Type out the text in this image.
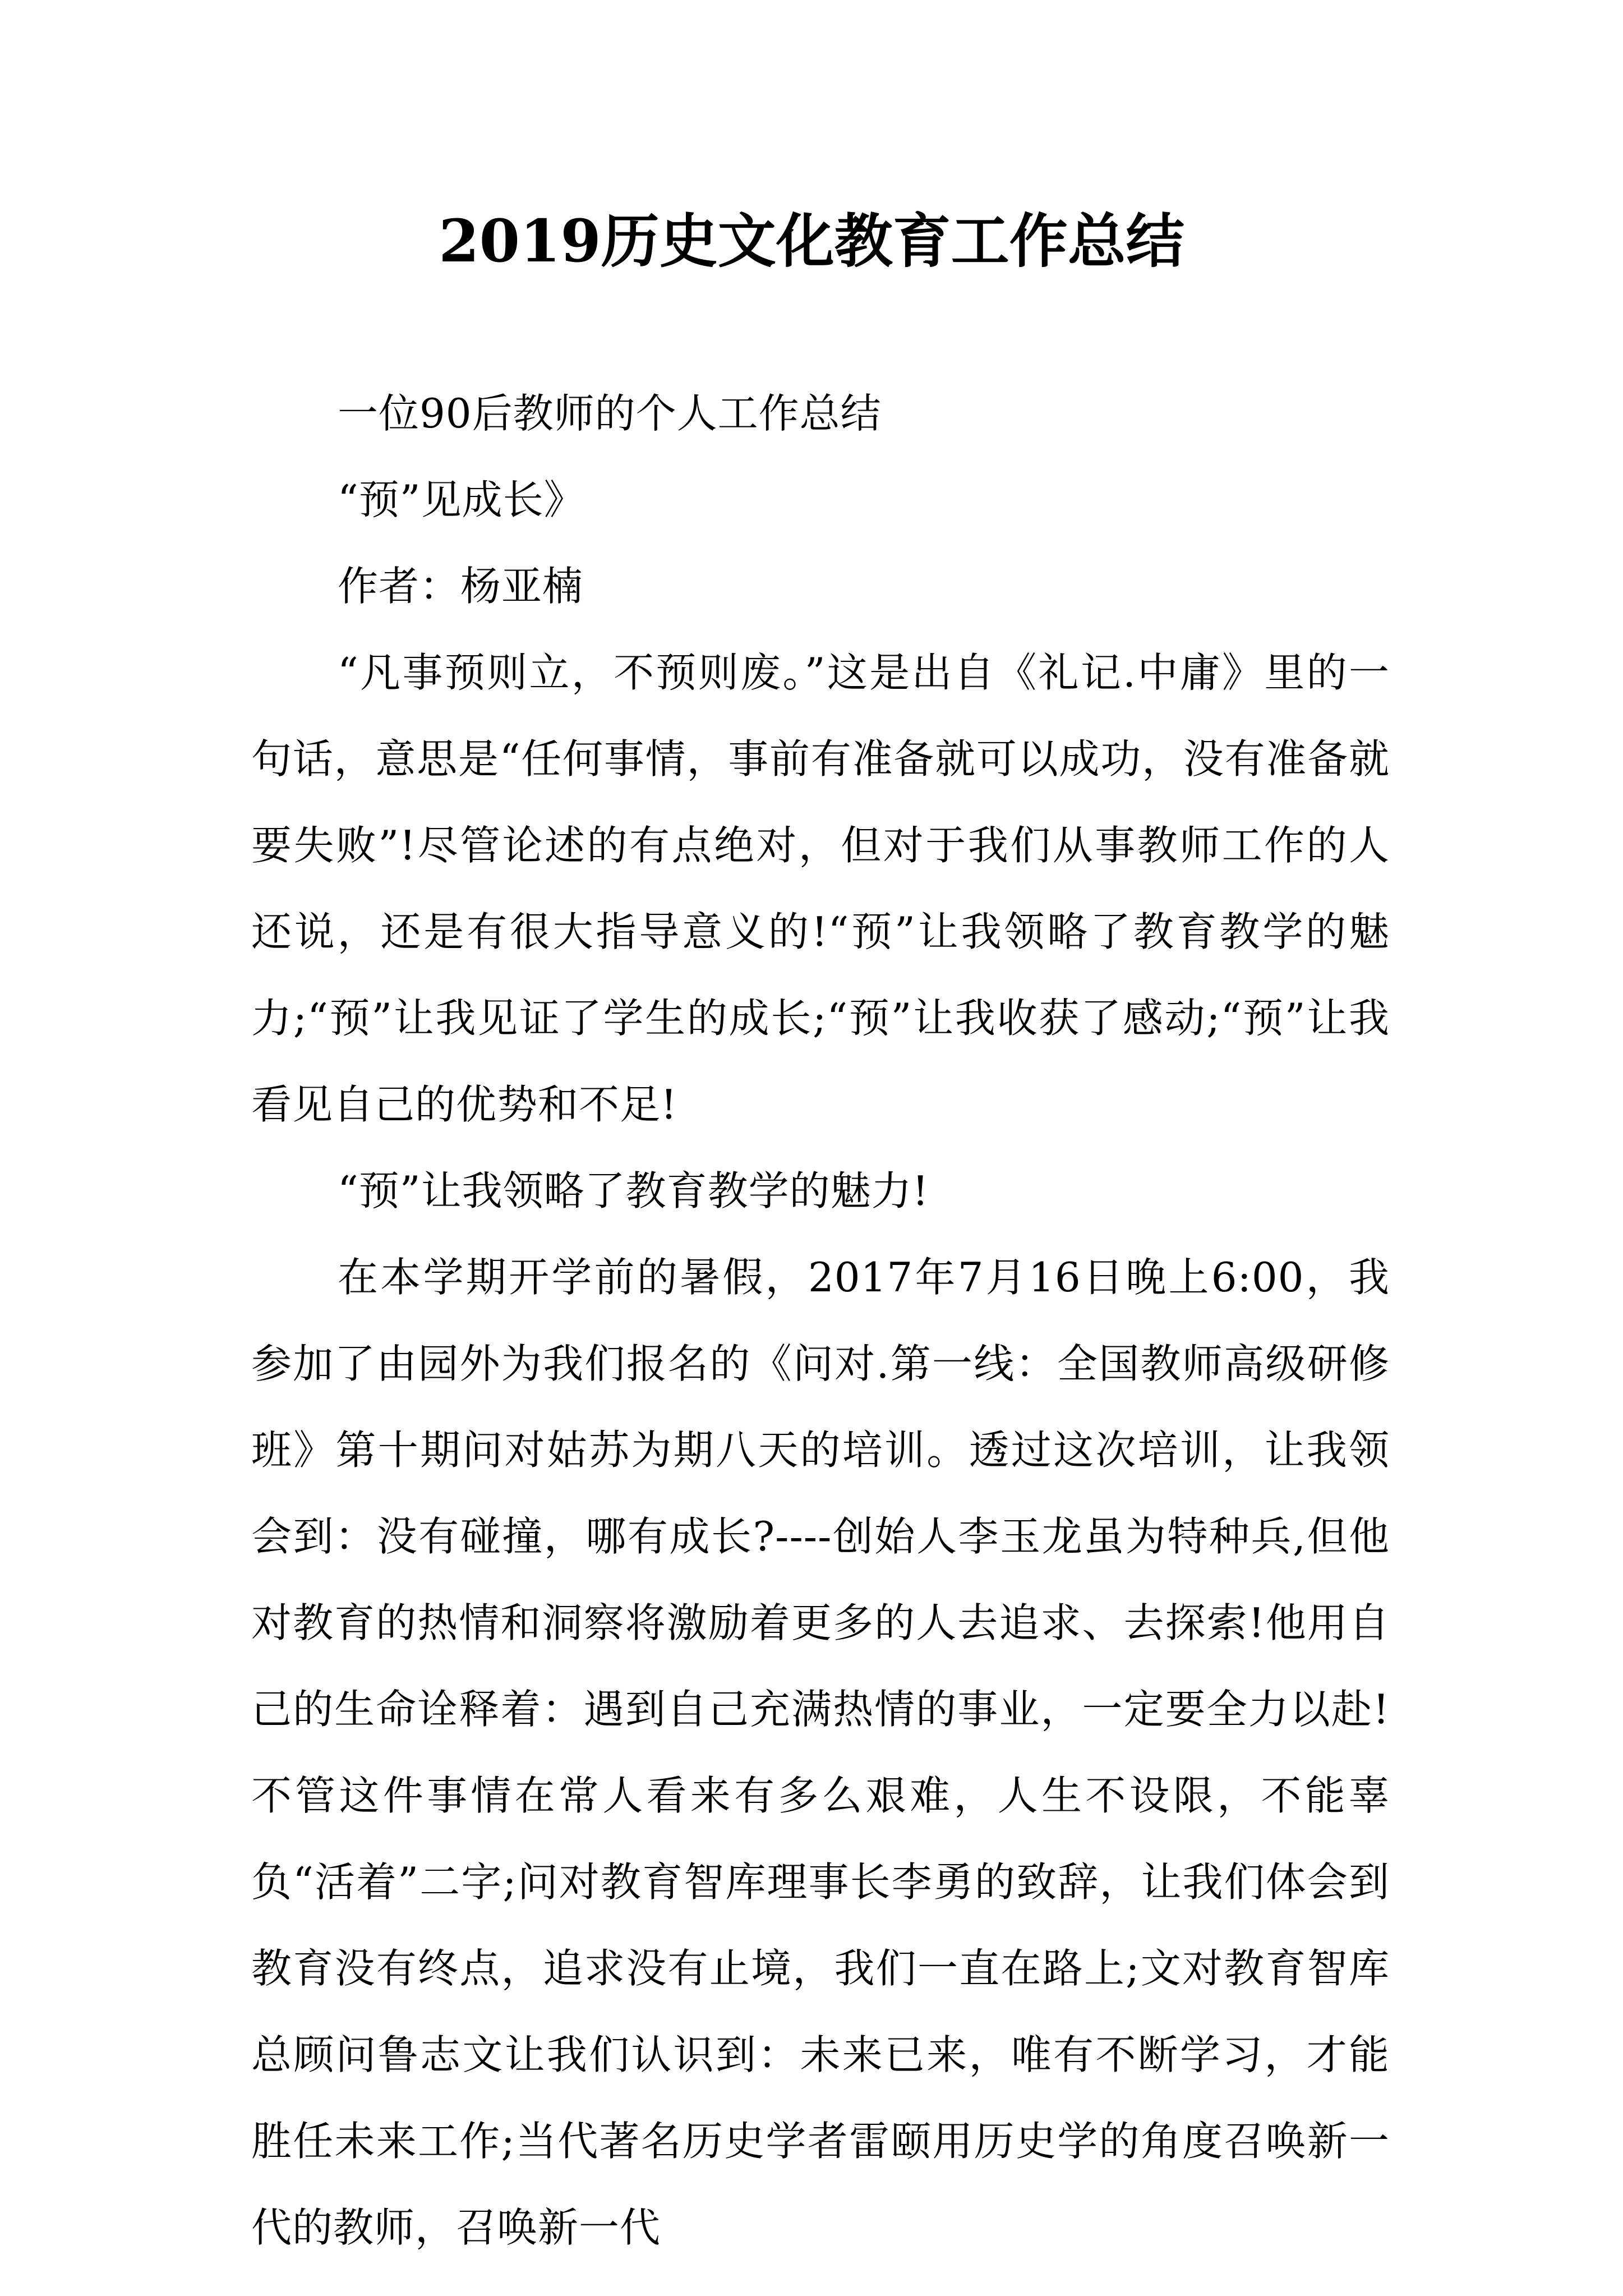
2019历史文化教育工作总结

一位90后教师的个人工作总结

“预”见成长》

作者：杨亚楠

“凡事预则立，不预则废。”这是出自《礼记.中庸》里的一句话，意思是“任何事情，事前有准备就可以成功，没有准备就要失败”!尽管论述的有点绝对，但对于我们从事教师工作的人还说，还是有很大指导意义的!“预”让我领略了教育教学的魅力;“预”让我见证了学生的成长;“预”让我收获了感动;“预”让我看见自己的优势和不足!

“预”让我领略了教育教学的魅力!

在本学期开学前的暑假，2017年7月16日晚上6:00，我参加了由园外为我们报名的《问对.第一线：全国教师高级研修班》第十期问对姑苏为期八天的培训。透过这次培训，让我领会到：没有碰撞，哪有成长?----创始人李玉龙虽为特种兵,但他对教育的热情和洞察将激励着更多的人去追求、去探索!他用自己的生命诠释着：遇到自己充满热情的事业，一定要全力以赴!不管这件事情在常人看来有多么艰难，人生不设限，不能辜负“活着”二字;问对教育智库理事长李勇的致辞，让我们体会到教育没有终点，追求没有止境，我们一直在路上;文对教育智库总顾问鲁志文让我们认识到：未来已来，唯有不断学习，才能胜任未来工作;当代著名历史学者雷颐用历史学的角度召唤新一代的教师，召唤新一代
